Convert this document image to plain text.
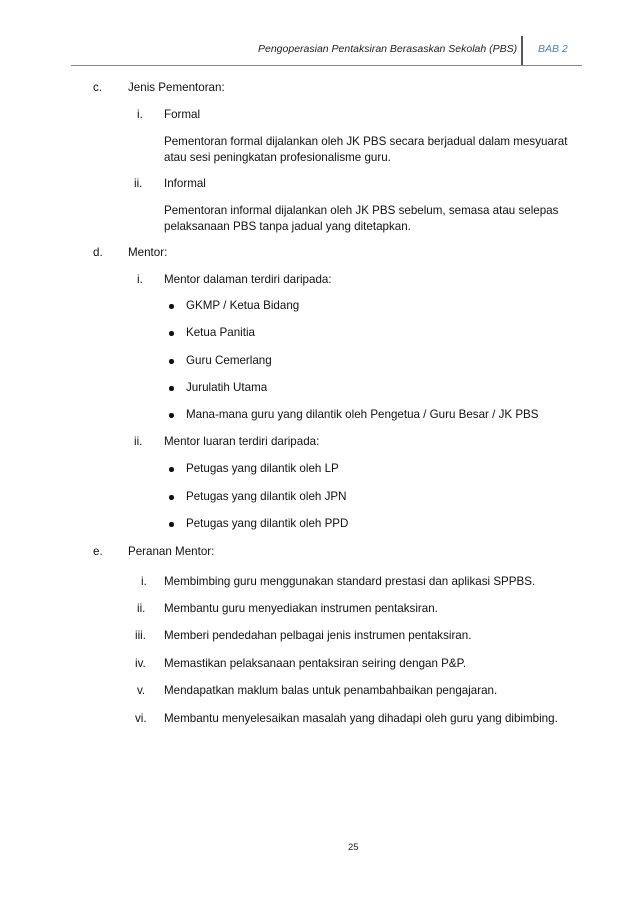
Pengoperasian Pentaksiran Berasaskan Sekolah (PBS) BAB 2
c. Jenis Pementoran:
i. Formal
Pementoran formal dijalankan oleh JK PBS secara berjadual dalam mesyuarat
atau sesi peningkatan profesionalisme guru.
ii. Informal
Pementoran informal dijalankan oleh JK PBS sebelum, semasa atau selepas
pelaksanaan PBS tanpa jadual yang ditetapkan.
d. Mentor:
i. Mentor dalaman terdiri daripada:
GKMP / Ketua Bidang
Ketua Panitia
Guru Cemerlang
Jurulatih Utama
Mana-mana guru yang dilantik oleh Pengetua / Guru Besar / JK PBS
ii. Mentor luaran terdiri daripada:
Petugas yang dilantik oleh LP
Petugas yang dilantik oleh JPN
Petugas yang dilantik oleh PPD
e. Peranan Mentor:
i. Membimbing guru menggunakan standard prestasi dan aplikasi SPPBS.
ii. Membantu guru menyediakan instrumen pentaksiran.
iii. Memberi pendedahan pelbagai jenis instrumen pentaksiran.
iv. Memastikan pelaksanaan pentaksiran seiring dengan P&P.
v. Mendapatkan maklum balas untuk penambahbaikan pengajaran.
vi. Membantu menyelesaikan masalah yang dihadapi oleh guru yang dibimbing.
25
